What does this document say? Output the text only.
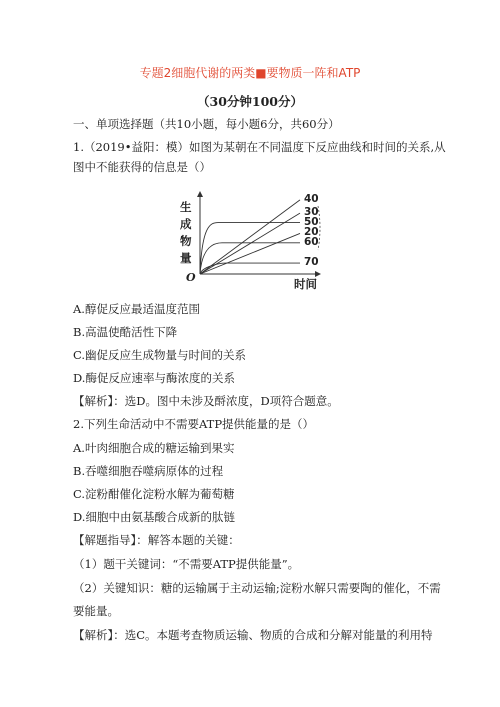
专题2细胞代谢的两类■要物质一阵和ATP
（30分钟100分）
一、单项选择题（共10小题，每小题6分，共60分）
1.（2019•益阳：模）如图为某朝在不同温度下反应曲线和时间的关系,从
图中不能获得的信息是（）
生成物量
O	时间
40
30
50
20
60
70
A.醇促反应最适温度范围
B.高温使酷活性下降
C.幽促反应生成物量与时间的关系
D.酶促反应速率与酶浓度的关系
【解析】：选D。图中未涉及酹浓度，D项符合题意。
2.下列生命活动中不需要ATP提供能量的是（）
A.叶肉细胞合成的糖运输到果实
B.吞噬细胞吞噬病原体的过程
C.淀粉酣催化淀粉水解为葡萄糖
D.细胞中由氨基酸合成新的肽链
【解题指导】：解答本题的关键：
（1）题干关键词：“不需要ATP提供能量”。
（2）关键知识：糖的运输属于主动运输;淀粉水解只需要陶的催化，不需
要能量。
【解析】：选C。本题考查物质运输、物质的合成和分解对能量的利用特
